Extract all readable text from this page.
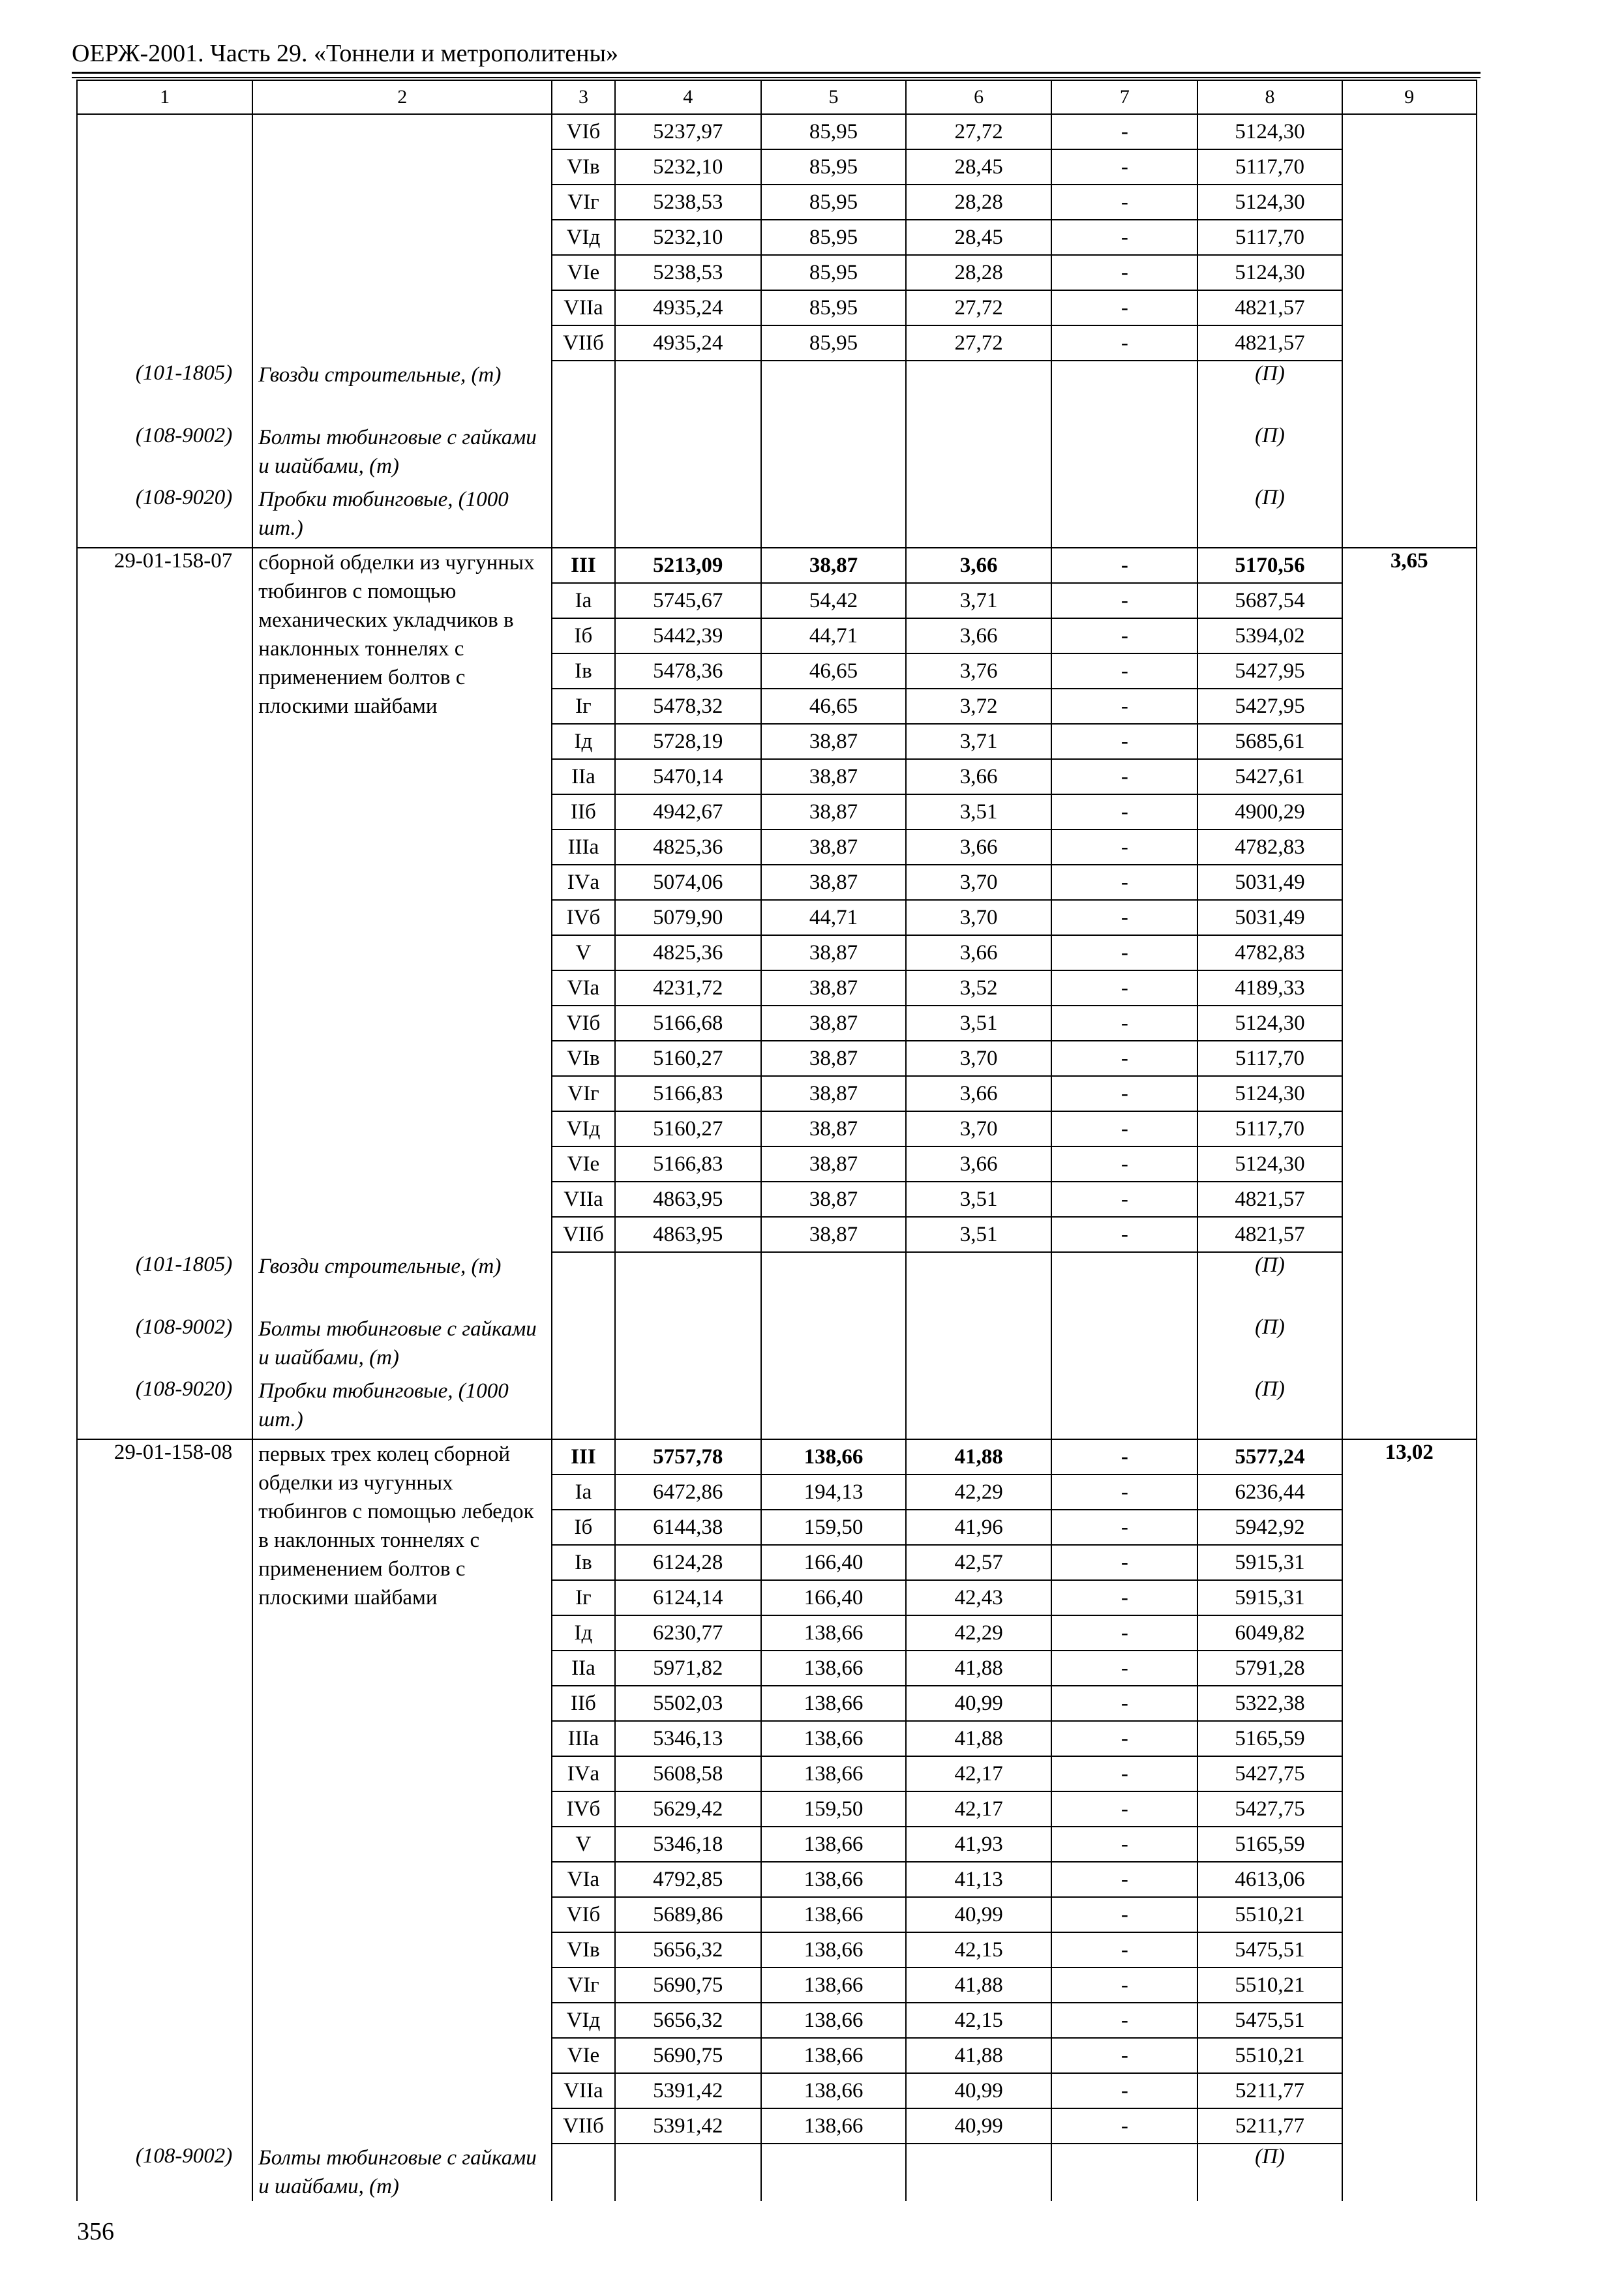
ОЕРЖ-2001. Часть 29. «Тоннели и метрополитены»
1	2	3	4	5	6	7	8	9
		VIб	5237,97	85,95	27,72	-	5124,30	
		VIв	5232,10	85,95	28,45	-	5117,70	
		VIг	5238,53	85,95	28,28	-	5124,30	
		VIд	5232,10	85,95	28,45	-	5117,70	
		VIе	5238,53	85,95	28,28	-	5124,30	
		VIIа	4935,24	85,95	27,72	-	4821,57	
		VIIб	4935,24	85,95	27,72	-	4821,57	
(101-1805)	Гвозди строительные, (т)						(П)	
(108-9002)	Болты тюбинговые с гайками и шайбами, (т)						(П)	
(108-9020)	Пробки тюбинговые, (1000 шт.)						(П)	
29-01-158-07	сборной обделки из чугунных тюбингов с помощью механических укладчиков в наклонных тоннелях с применением болтов с плоскими шайбами	III	5213,09	38,87	3,66	-	5170,56	3,65
		Iа	5745,67	54,42	3,71	-	5687,54	
		Iб	5442,39	44,71	3,66	-	5394,02	
		Iв	5478,36	46,65	3,76	-	5427,95	
		Iг	5478,32	46,65	3,72	-	5427,95	
		Iд	5728,19	38,87	3,71	-	5685,61	
		IIа	5470,14	38,87	3,66	-	5427,61	
		IIб	4942,67	38,87	3,51	-	4900,29	
		IIIа	4825,36	38,87	3,66	-	4782,83	
		IVа	5074,06	38,87	3,70	-	5031,49	
		IVб	5079,90	44,71	3,70	-	5031,49	
		V	4825,36	38,87	3,66	-	4782,83	
		VIа	4231,72	38,87	3,52	-	4189,33	
		VIб	5166,68	38,87	3,51	-	5124,30	
		VIв	5160,27	38,87	3,70	-	5117,70	
		VIг	5166,83	38,87	3,66	-	5124,30	
		VIд	5160,27	38,87	3,70	-	5117,70	
		VIе	5166,83	38,87	3,66	-	5124,30	
		VIIа	4863,95	38,87	3,51	-	4821,57	
		VIIб	4863,95	38,87	3,51	-	4821,57	
(101-1805)	Гвозди строительные, (т)						(П)	
(108-9002)	Болты тюбинговые с гайками и шайбами, (т)						(П)	
(108-9020)	Пробки тюбинговые, (1000 шт.)						(П)	
29-01-158-08	первых трех колец сборной обделки из чугунных тюбингов с помощью лебедок в наклонных тоннелях с применением болтов с плоскими шайбами	III	5757,78	138,66	41,88	-	5577,24	13,02
		Iа	6472,86	194,13	42,29	-	6236,44	
		Iб	6144,38	159,50	41,96	-	5942,92	
		Iв	6124,28	166,40	42,57	-	5915,31	
		Iг	6124,14	166,40	42,43	-	5915,31	
		Iд	6230,77	138,66	42,29	-	6049,82	
		IIа	5971,82	138,66	41,88	-	5791,28	
		IIб	5502,03	138,66	40,99	-	5322,38	
		IIIа	5346,13	138,66	41,88	-	5165,59	
		IVа	5608,58	138,66	42,17	-	5427,75	
		IVб	5629,42	159,50	42,17	-	5427,75	
		V	5346,18	138,66	41,93	-	5165,59	
		VIа	4792,85	138,66	41,13	-	4613,06	
		VIб	5689,86	138,66	40,99	-	5510,21	
		VIв	5656,32	138,66	42,15	-	5475,51	
		VIг	5690,75	138,66	41,88	-	5510,21	
		VIд	5656,32	138,66	42,15	-	5475,51	
		VIе	5690,75	138,66	41,88	-	5510,21	
		VIIа	5391,42	138,66	40,99	-	5211,77	
		VIIб	5391,42	138,66	40,99	-	5211,77	
(108-9002)	Болты тюбинговые с гайками и шайбами, (т)						(П)	
356
